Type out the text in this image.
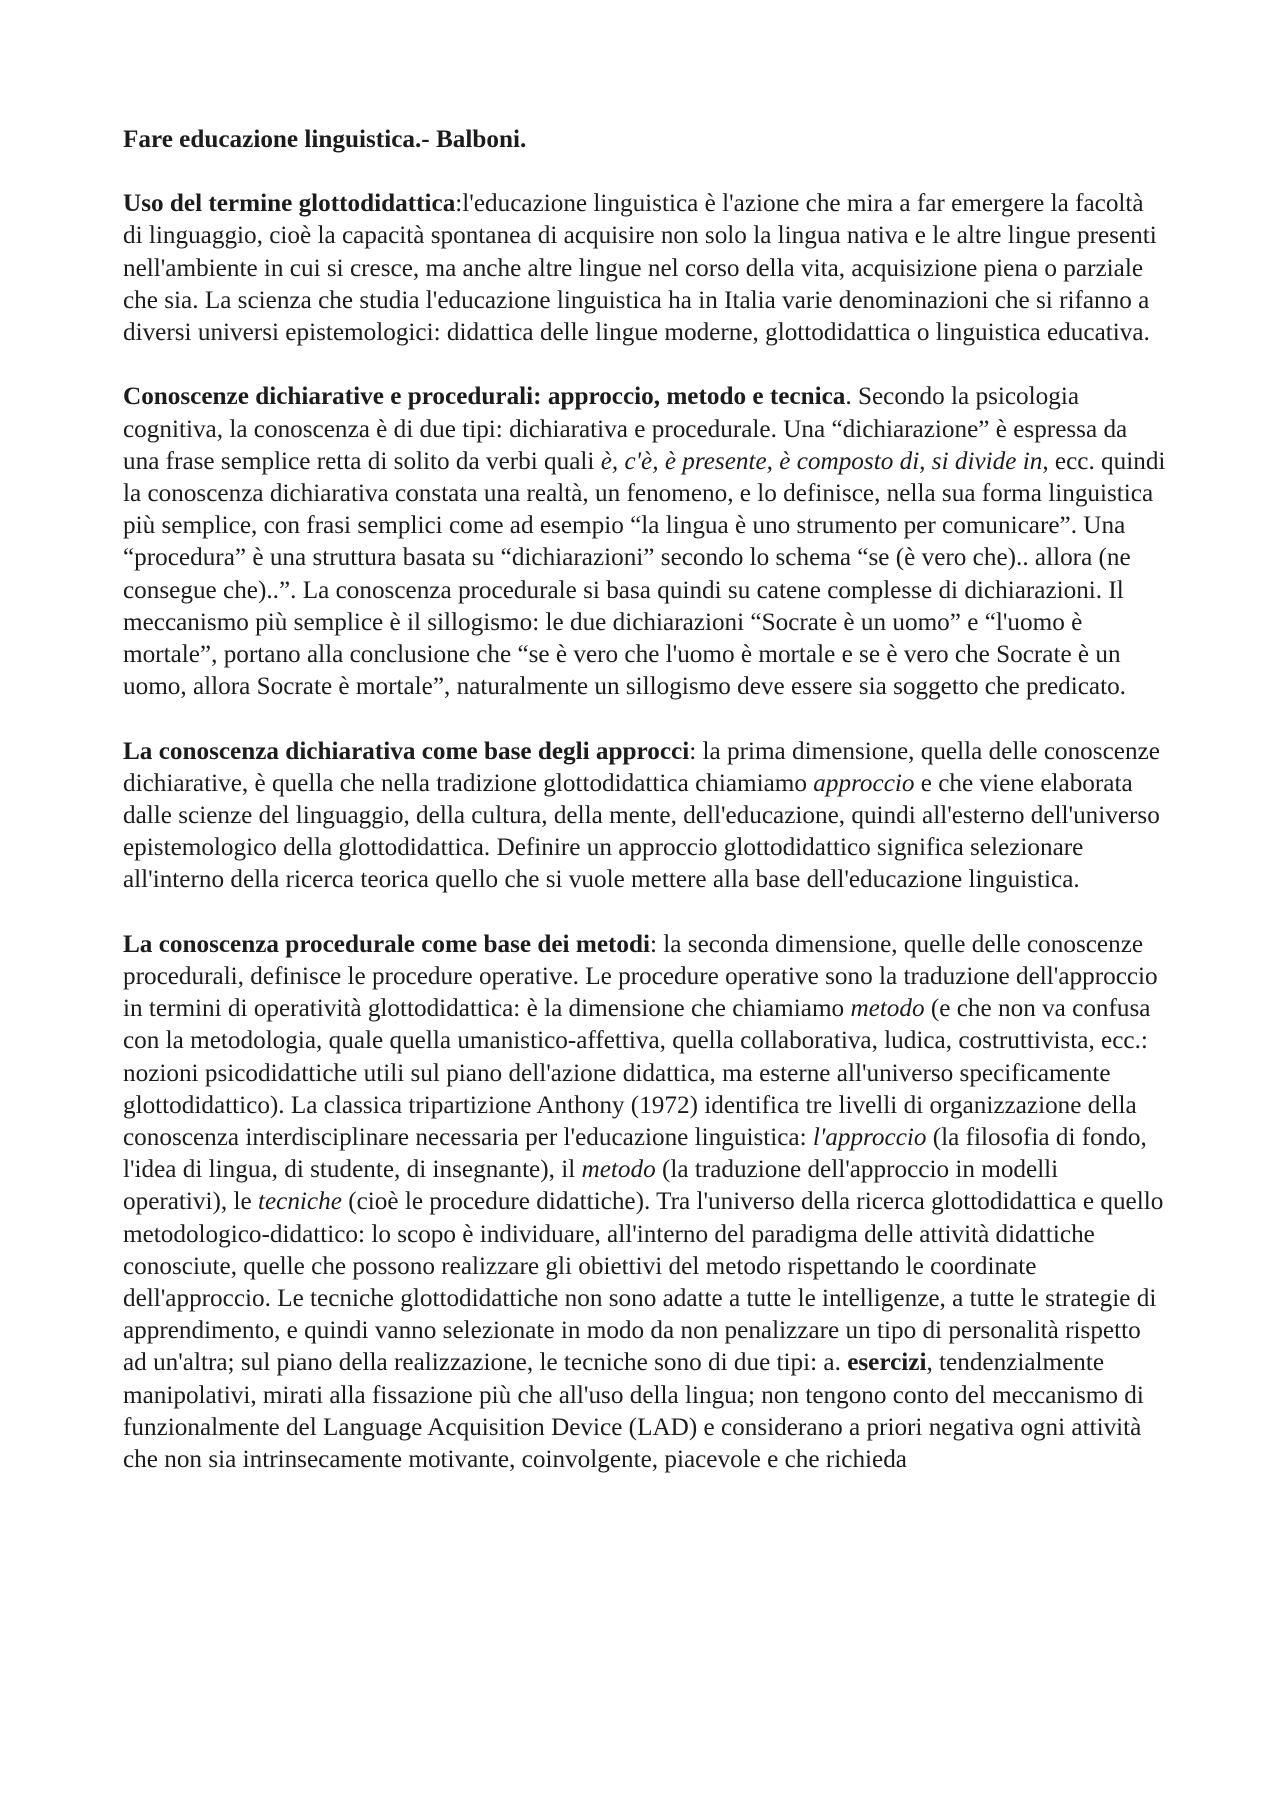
Fare educazione linguistica.- Balboni.

Uso del termine glottodidattica:l'educazione linguistica è l'azione che mira a far emergere la facoltà di linguaggio, cioè la capacità spontanea di acquisire non solo la lingua nativa e le altre lingue presenti nell'ambiente in cui si cresce, ma anche altre lingue nel corso della vita, acquisizione piena o parziale che sia. La scienza che studia l'educazione linguistica ha in Italia varie denominazioni che si rifanno a diversi universi epistemologici: didattica delle lingue moderne, glottodidattica o linguistica educativa.

Conoscenze dichiarative e procedurali: approccio, metodo e tecnica. Secondo la psicologia cognitiva, la conoscenza è di due tipi: dichiarativa e procedurale. Una “dichiarazione” è espressa da una frase semplice retta di solito da verbi quali è, c'è, è presente, è composto di, si divide in, ecc. quindi la conoscenza dichiarativa constata una realtà, un fenomeno, e lo definisce, nella sua forma linguistica più semplice, con frasi semplici come ad esempio “la lingua è uno strumento per comunicare”. Una “procedura” è una struttura basata su “dichiarazioni” secondo lo schema “se (è vero che).. allora (ne consegue che)..”. La conoscenza procedurale si basa quindi su catene complesse di dichiarazioni. Il meccanismo più semplice è il sillogismo: le due dichiarazioni “Socrate è un uomo” e “l'uomo è mortale”, portano alla conclusione che “se è vero che l'uomo è mortale e se è vero che Socrate è un uomo, allora Socrate è mortale”, naturalmente un sillogismo deve essere sia soggetto che predicato.

La conoscenza dichiarativa come base degli approcci: la prima dimensione, quella delle conoscenze dichiarative, è quella che nella tradizione glottodidattica chiamiamo approccio e che viene elaborata dalle scienze del linguaggio, della cultura, della mente, dell'educazione, quindi all'esterno dell'universo epistemologico della glottodidattica. Definire un approccio glottodidattico significa selezionare all'interno della ricerca teorica quello che si vuole mettere alla base dell'educazione linguistica.

La conoscenza procedurale come base dei metodi: la seconda dimensione, quelle delle conoscenze procedurali, definisce le procedure operative. Le procedure operative sono la traduzione dell'approccio in termini di operatività glottodidattica: è la dimensione che chiamiamo metodo (e che non va confusa con la metodologia, quale quella umanistico-affettiva, quella collaborativa, ludica, costruttivista, ecc.: nozioni psicodidattiche utili sul piano dell'azione didattica, ma esterne all'universo specificamente glottodidattico). La classica tripartizione Anthony (1972) identifica tre livelli di organizzazione della conoscenza interdisciplinare necessaria per l'educazione linguistica: l'approccio (la filosofia di fondo, l'idea di lingua, di studente, di insegnante), il metodo (la traduzione dell'approccio in modelli operativi), le tecniche (cioè le procedure didattiche). Tra l'universo della ricerca glottodidattica e quello metodologico-didattico: lo scopo è individuare, all'interno del paradigma delle attività didattiche conosciute, quelle che possono realizzare gli obiettivi del metodo rispettando le coordinate dell'approccio. Le tecniche glottodidattiche non sono adatte a tutte le intelligenze, a tutte le strategie di apprendimento, e quindi vanno selezionate in modo da non penalizzare un tipo di personalità rispetto ad un'altra; sul piano della realizzazione, le tecniche sono di due tipi: a. esercizi, tendenzialmente manipolativi, mirati alla fissazione più che all'uso della lingua; non tengono conto del meccanismo di funzionalmente del Language Acquisition Device (LAD) e considerano a priori negativa ogni attività che non sia intrinsecamente motivante, coinvolgente, piacevole e che richieda
